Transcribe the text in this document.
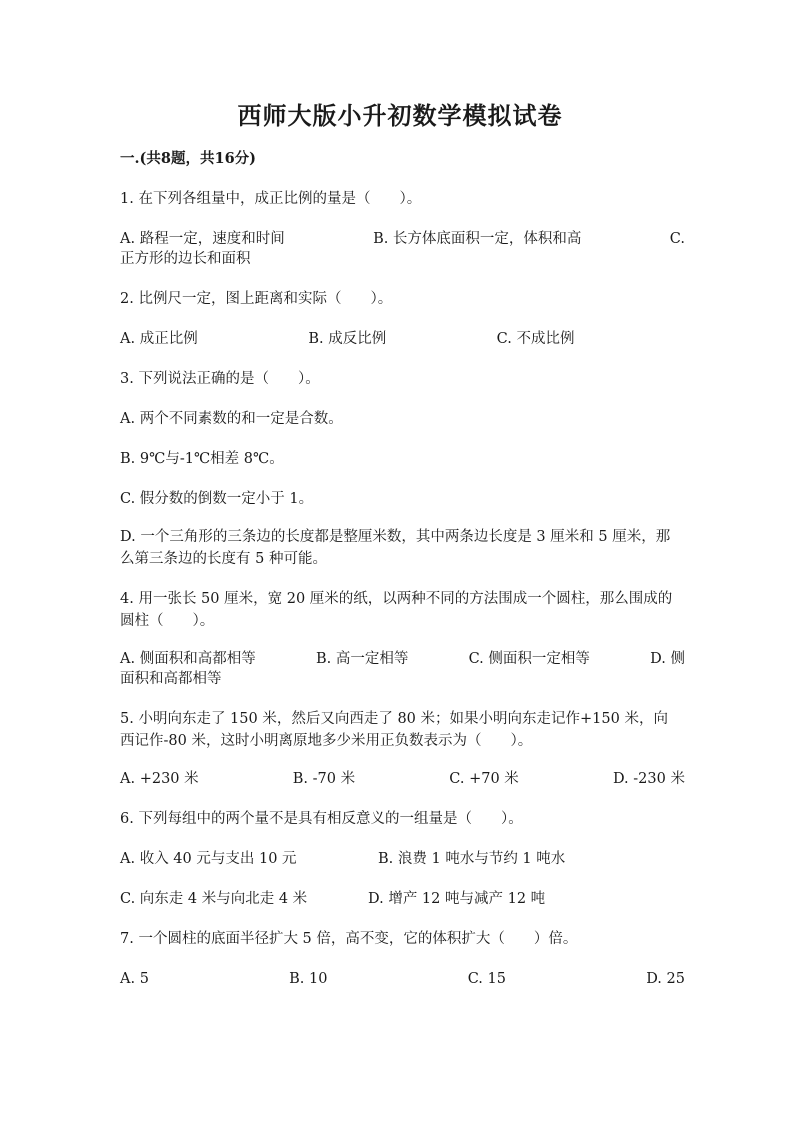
西师大版小升初数学模拟试卷
一.(共8题，共16分)
1. 在下列各组量中，成正比例的量是（　　）。
A. 路程一定，速度和时间	B. 长方体底面积一定，体积和高	C.
正方形的边长和面积
2. 比例尺一定，图上距离和实际（　　）。
A. 成正比例	B. 成反比例	C. 不成比例
3. 下列说法正确的是（　　）。
A. 两个不同素数的和一定是合数。
B. 9℃与-1℃相差 8℃。
C. 假分数的倒数一定小于 1。
D. 一个三角形的三条边的长度都是整厘米数，其中两条边长度是 3 厘米和 5 厘米，那么第三条边的长度有 5 种可能。
4. 用一张长 50 厘米，宽 20 厘米的纸，以两种不同的方法围成一个圆柱，那么围成的圆柱（　　）。
A. 侧面积和高都相等	B. 高一定相等	C. 侧面积一定相等	D. 侧
面积和高都相等
5. 小明向东走了 150 米，然后又向西走了 80 米；如果小明向东走记作+150 米，向西记作-80 米，这时小明离原地多少米用正负数表示为（　　）。
A. +230 米	B. -70 米	C. +70 米	D. -230 米
6. 下列每组中的两个量不是具有相反意义的一组量是（　　）。
A. 收入 40 元与支出 10 元	B. 浪费 1 吨水与节约 1 吨水
C. 向东走 4 米与向北走 4 米	D. 增产 12 吨与减产 12 吨
7. 一个圆柱的底面半径扩大 5 倍，高不变，它的体积扩大（　　）倍。
A. 5	B. 10	C. 15	D. 25
